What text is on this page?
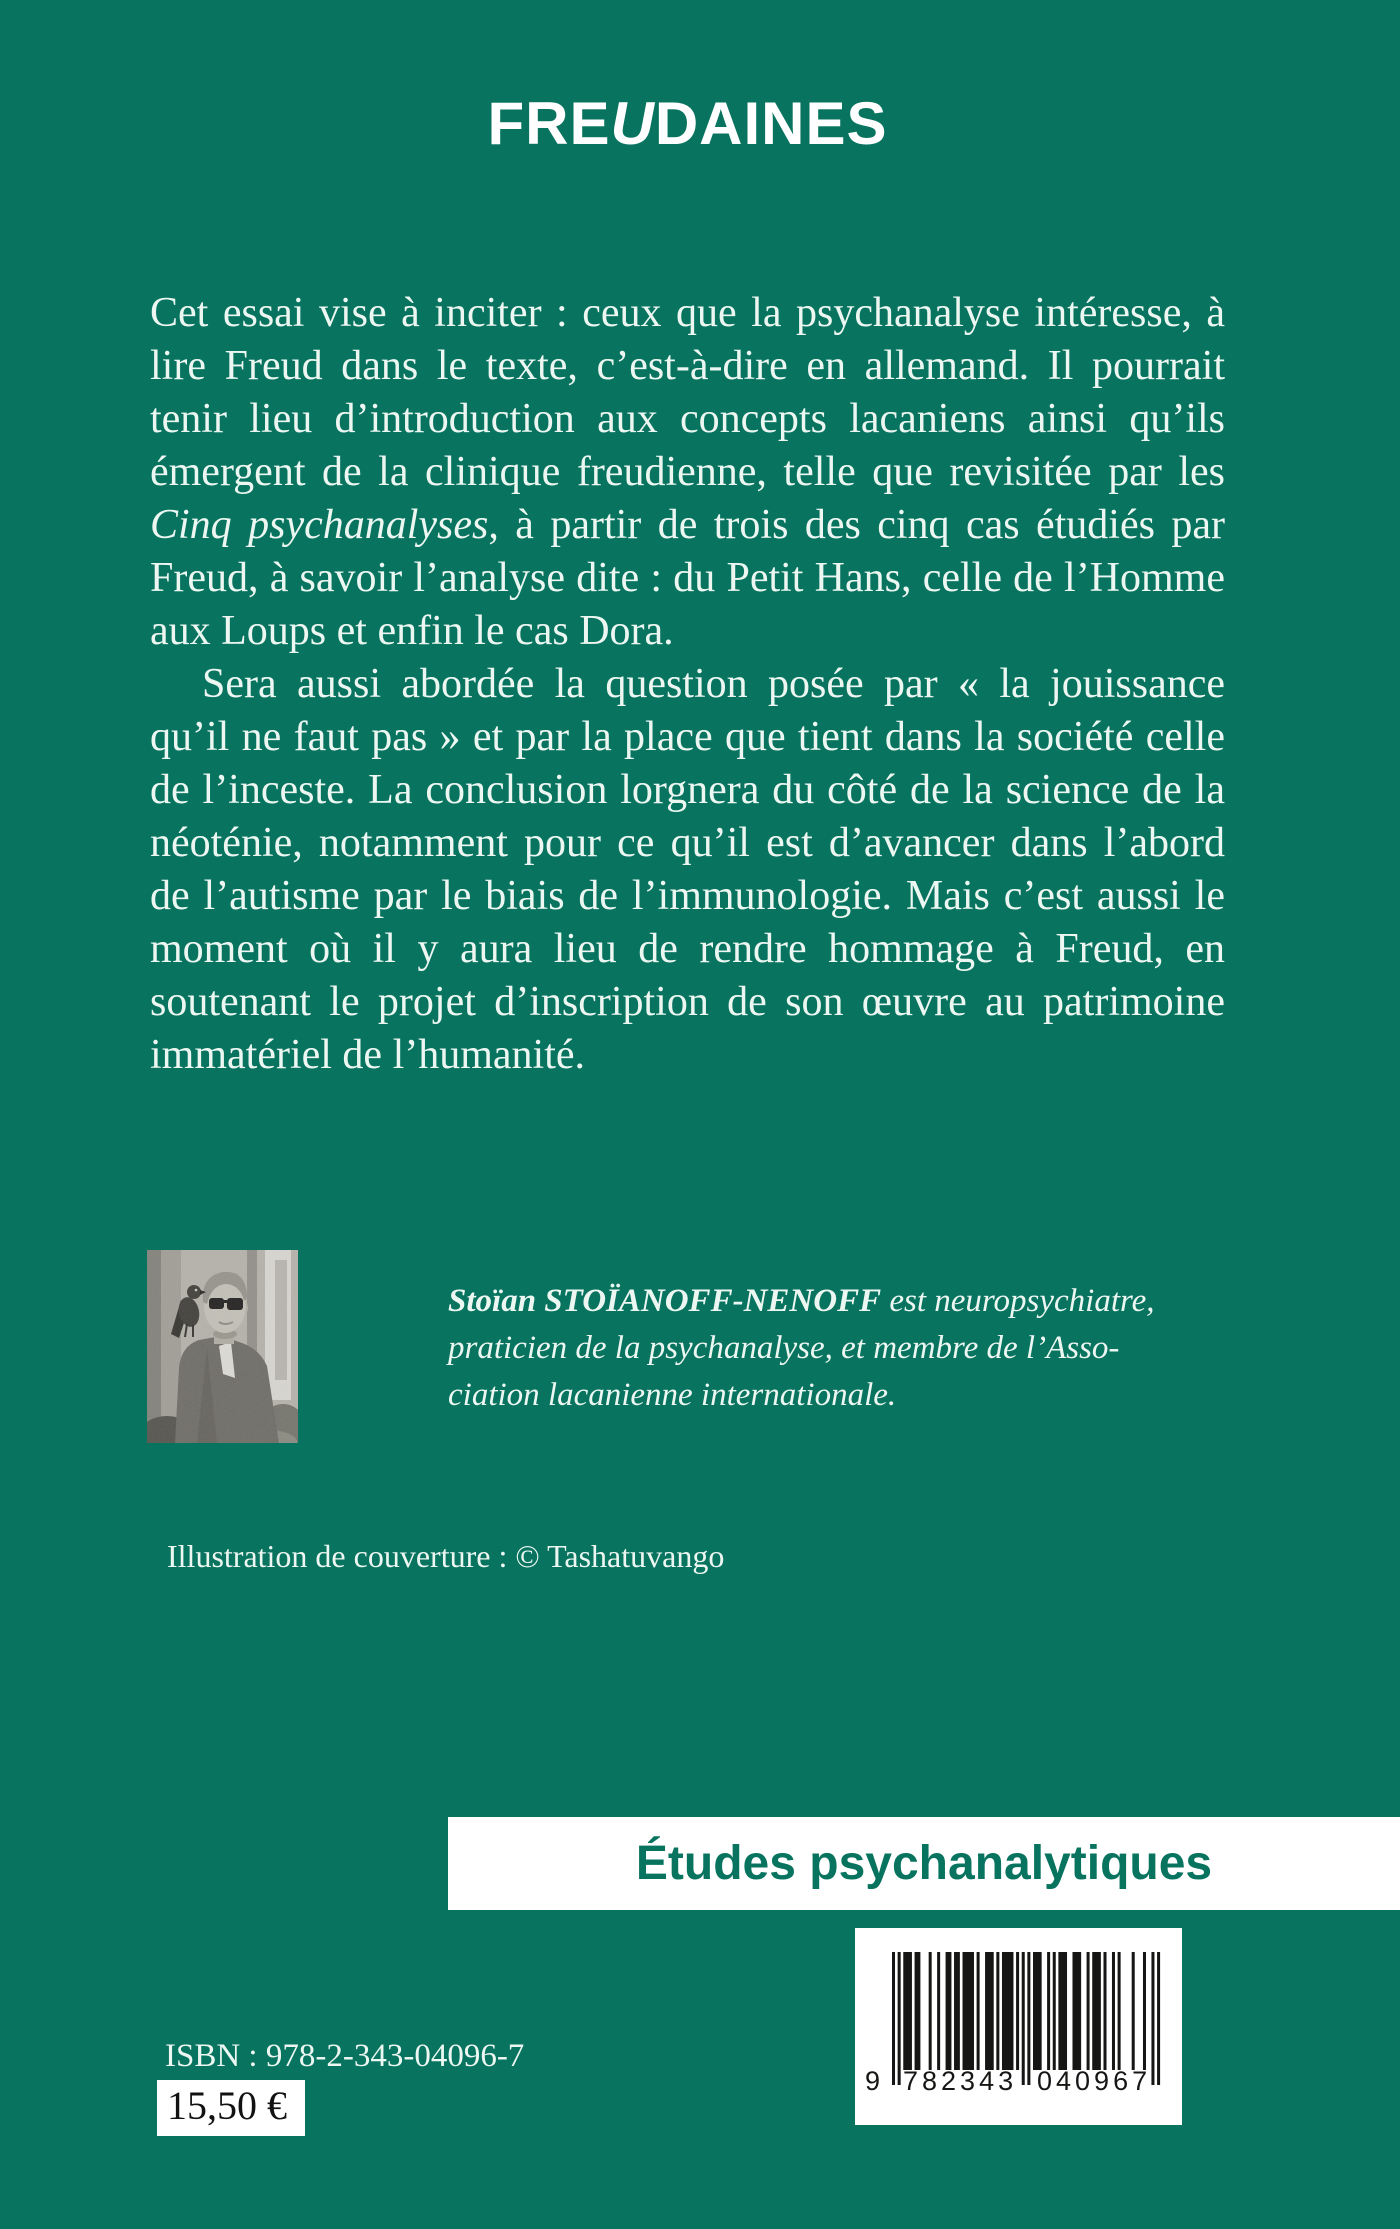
FREUDAINES

Cet essai vise à inciter : ceux que la psychanalyse intéresse, à lire Freud dans le texte, c’est-à-dire en allemand. Il pourrait tenir lieu d’introduction aux concepts lacaniens ainsi qu’ils émergent de la clinique freudienne, telle que revisitée par les Cinq psychanalyses, à partir de trois des cinq cas étudiés par Freud, à savoir l’analyse dite : du Petit Hans, celle de l’Homme aux Loups et enfin le cas Dora.

Sera aussi abordée la question posée par « la jouissance qu’il ne faut pas » et par la place que tient dans la société celle de l’inceste. La conclusion lorgnera du côté de la science de la néoténie, notamment pour ce qu’il est d’avancer dans l’abord de l’autisme par le biais de l’immunologie. Mais c’est aussi le moment où il y aura lieu de rendre hommage à Freud, en soutenant le projet d’inscription de son œuvre au patrimoine immatériel de l’humanité.

Stoïan STOÏANOFF-NENOFF est neuropsychiatre,
praticien de la psychanalyse, et membre de l’Asso-
ciation lacanienne internationale.
Illustration de couverture : © Tashatuvango
Études psychanalytiques
9 782343 040967
ISBN : 978-2-343-04096-7
15,50 €
